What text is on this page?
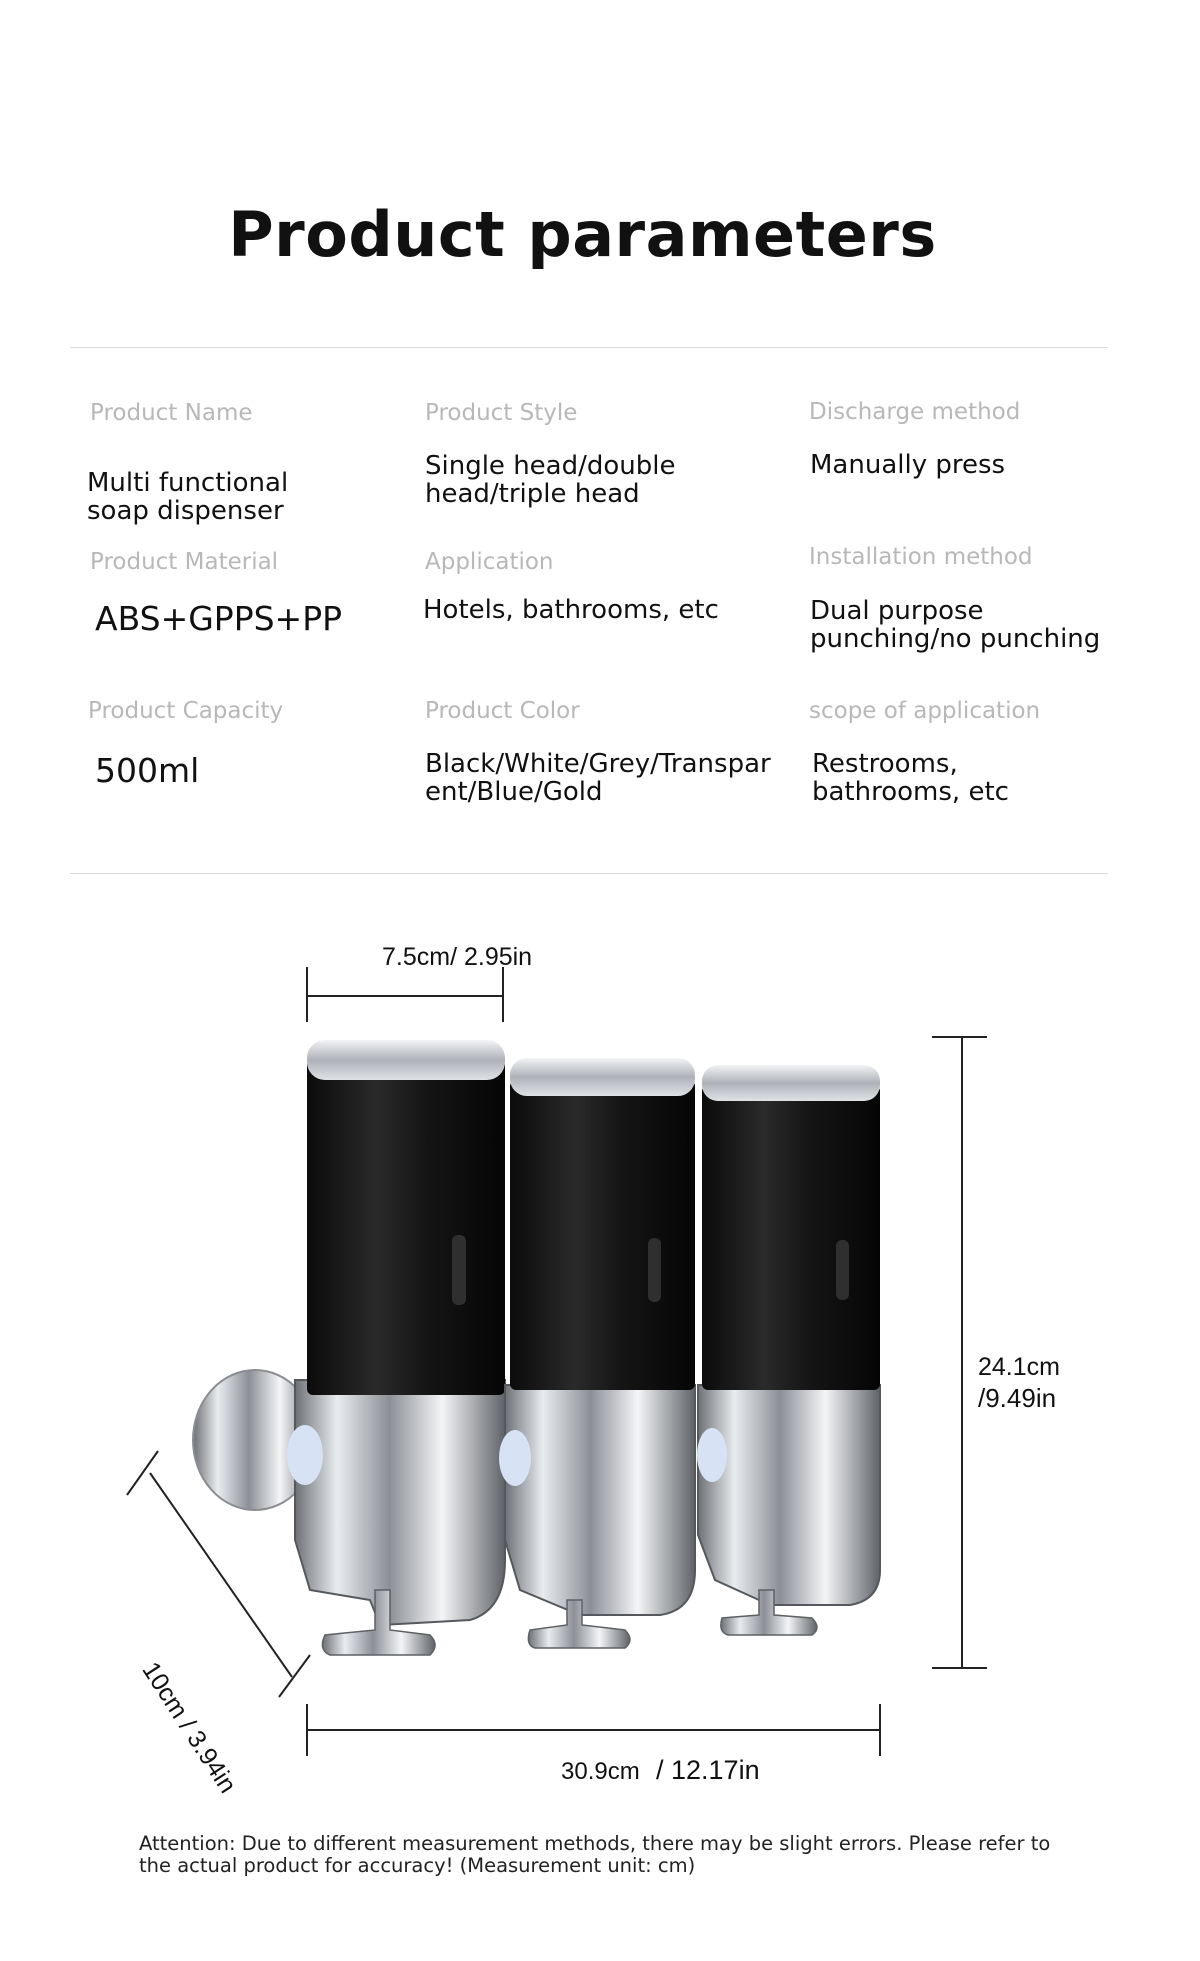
Product parameters
Product Name
Multi functional soap dispenser
Product Style
Single head/double head/triple head
Discharge method
Manually press
Product Material
ABS+GPPS+PP
Application
Hotels, bathrooms, etc
Installation method
Dual purpose punching/no punching
Product Capacity
500ml
Product Color
Black/White/Grey/Transparent/Blue/Gold
scope of application
Restrooms, bathrooms, etc
7.5cm/ 2.95in
24.1cm
/9.49in
10cm / 3.94in	30.9cm / 12.17in
Attention: Due to different measurement methods, there may be slight errors. Please refer to the actual product for accuracy! (Measurement unit: cm)
